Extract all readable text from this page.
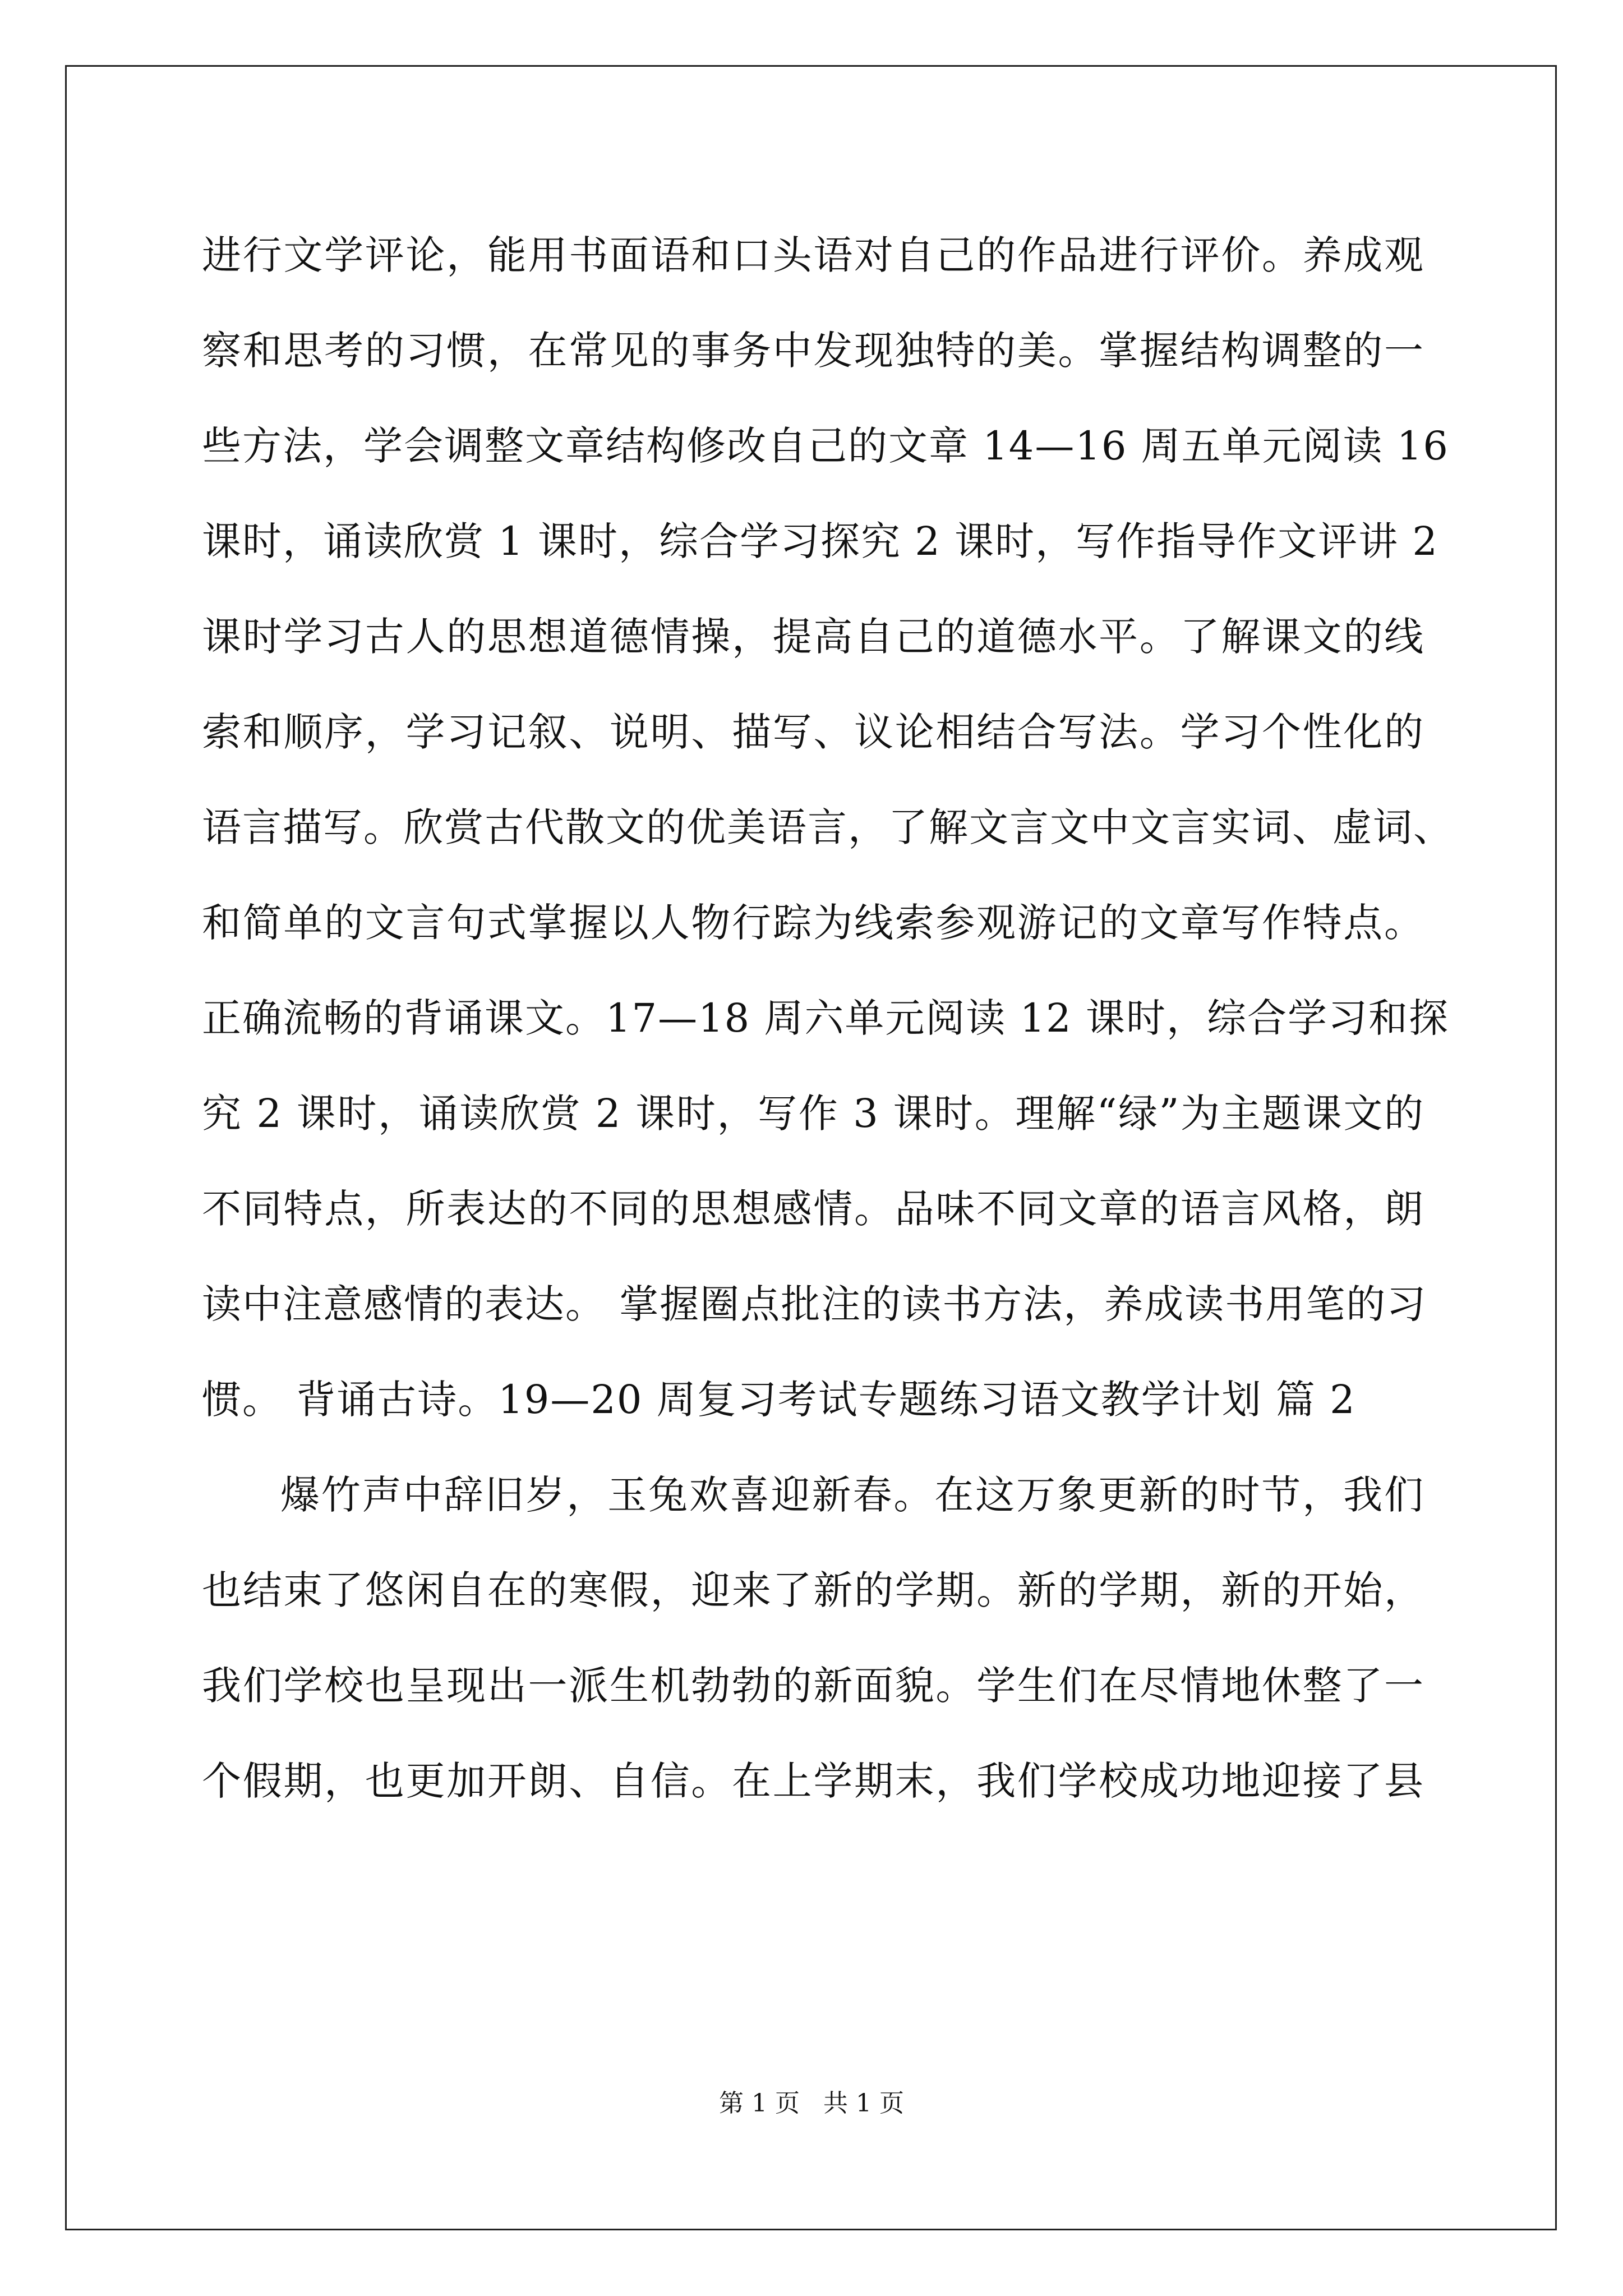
进行文学评论，能用书面语和口头语对自己的作品进行评价。养成观
察和思考的习惯，在常见的事务中发现独特的美。掌握结构调整的一
些方法，学会调整文章结构修改自己的文章 14—16 周五单元阅读 16
课时，诵读欣赏 1 课时，综合学习探究 2 课时，写作指导作文评讲 2
课时学习古人的思想道德情操，提高自己的道德水平。了解课文的线
索和顺序，学习记叙、说明、描写、议论相结合写法。学习个性化的
语言描写。欣赏古代散文的优美语言，了解文言文中文言实词、虚词、
和简单的文言句式掌握以人物行踪为线索参观游记的文章写作特点。
正确流畅的背诵课文。17—18 周六单元阅读 12 课时，综合学习和探
究 2 课时，诵读欣赏 2 课时，写作 3 课时。理解“绿”为主题课文的
不同特点，所表达的不同的思想感情。品味不同文章的语言风格，朗
读中注意感情的表达。 掌握圈点批注的读书方法，养成读书用笔的习
惯。 背诵古诗。19—20 周复习考试专题练习语文教学计划 篇 2
爆竹声中辞旧岁，玉兔欢喜迎新春。在这万象更新的时节，我们
也结束了悠闲自在的寒假，迎来了新的学期。新的学期，新的开始，
我们学校也呈现出一派生机勃勃的新面貌。学生们在尽情地休整了一
个假期，也更加开朗、自信。在上学期末，我们学校成功地迎接了县
第 1 页 共 1 页
